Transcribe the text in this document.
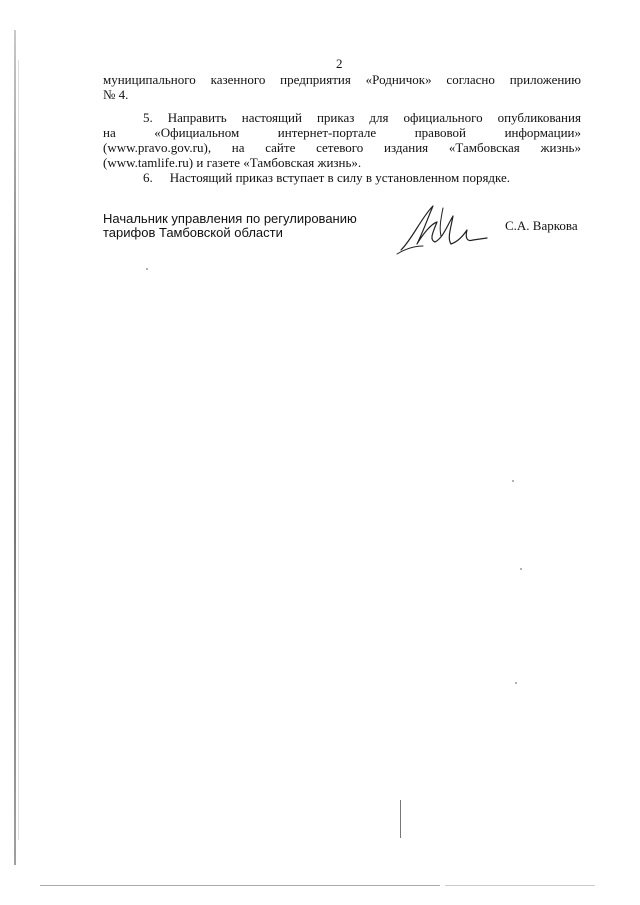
2
муниципального казенного предприятия «Родничок» согласно приложению
№ 4.
5. Направить настоящий приказ для официального опубликования
на	«Официальном	интернет-портале	правовой	информации»
(www.pravo.gov.ru), на сайте сетевого издания «Тамбовская жизнь»
(www.tamlife.ru) и газете «Тамбовская жизнь».
6. Настоящий приказ вступает в силу в установленном порядке.
Начальник управления по регулированию
тарифов Тамбовской области	С.А. Варкова
